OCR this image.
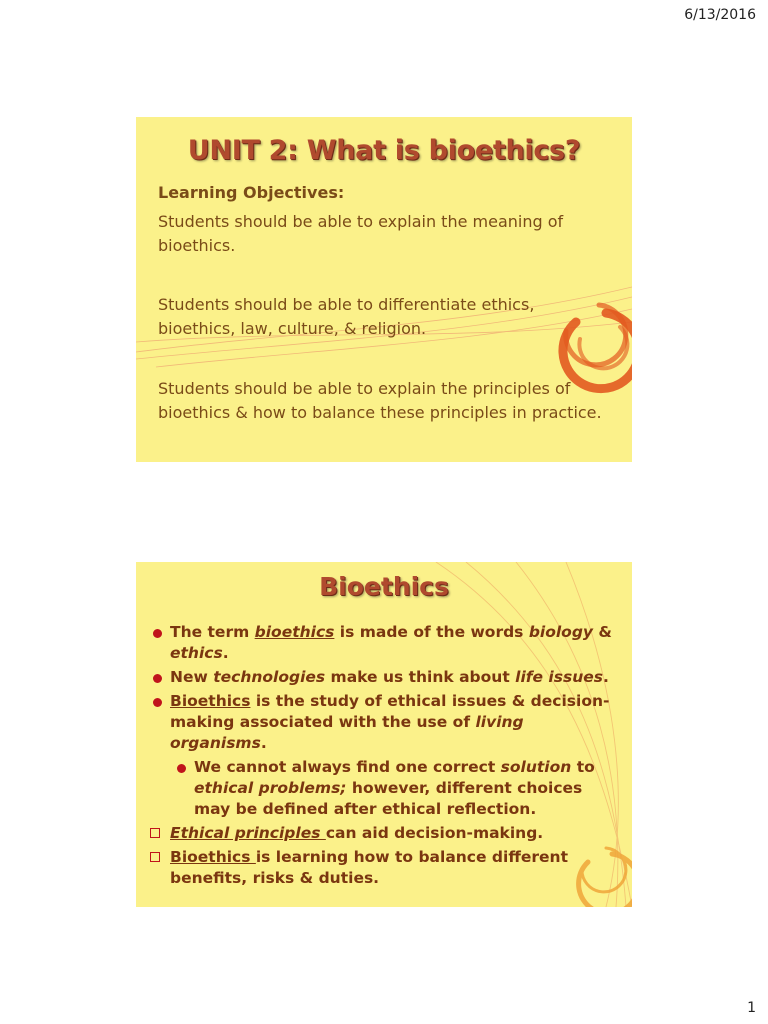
6/13/2016
UNIT 2: What is bioethics?
Learning Objectives:
Students should be able to explain the meaning of bioethics.
Students should be able to differentiate ethics, bioethics, law, culture, & religion.
Students should be able to explain the principles of bioethics & how to balance these principles in practice.
Bioethics
The term bioethics is made of the words biology & ethics.
New technologies make us think about life issues.
Bioethics is the study of ethical issues & decision-making associated with the use of living organisms.
We cannot always find one correct solution to ethical problems; however, different choices may be defined after ethical reflection.
Ethical principles can aid decision-making.
Bioethics is learning how to balance different benefits, risks & duties.
1
